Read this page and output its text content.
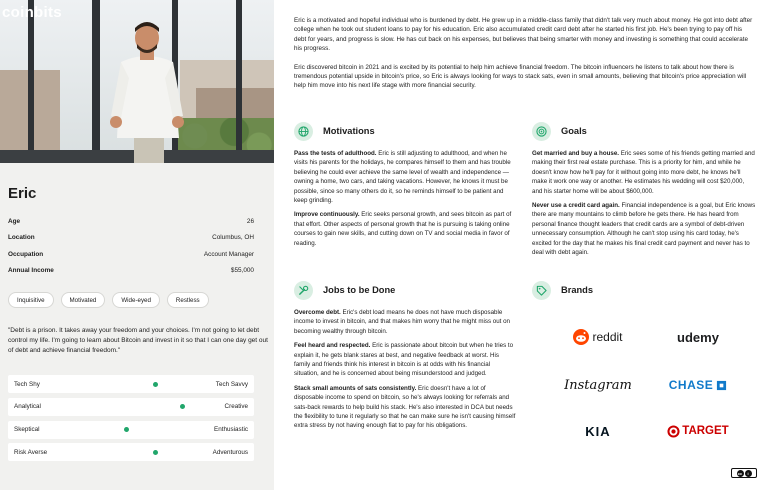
coinbits
Eric
Age	26
Location	Columbus, OH
Occupation	Account Manager
Annual Income	$55,000
Inquisitive	Motivated	Wide-eyed	Restless
"Debt is a prison. It takes away your freedom and your choices. I'm not going to let debt control my life. I'm going to learn about Bitcoin and invest in it so that I can one day get out of debt and achieve financial freedom."
Tech Shy	Tech Savvy
Analytical	Creative
Skeptical	Enthusiastic
Risk Averse	Adventurous

Eric is a motivated and hopeful individual who is burdened by debt. He grew up in a middle-class family that didn't talk very much about money. He got into debt after college when he took out student loans to pay for his education. Eric also accumulated credit card debt after he started his first job. He's been trying to pay off his debt for years, and progress is slow. He has cut back on his expenses, but believes that being smarter with money and investing is something that could accelerate his progress.

Eric discovered bitcoin in 2021 and is excited by its potential to help him achieve financial freedom. The bitcoin influencers he listens to talk about how there is tremendous potential upside in bitcoin's price, so Eric is always looking for ways to stack sats, even in small amounts, believing that bitcoin's price appreciation will help him move into his next life stage with more financial security.

Motivations

Pass the tests of adulthood. Eric is still adjusting to adulthood, and when he visits his parents for the holidays, he compares himself to them and has trouble believing he could ever achieve the same level of wealth and independence — owning a home, two cars, and taking vacations. However, he knows it must be possible, since so many others do it, so he reminds himself to be patient and keep grinding.

Improve continuously. Eric seeks personal growth, and sees bitcoin as part of that effort. Other aspects of personal growth that he is pursuing is taking online courses to gain new skills, and cutting down on TV and social media in favor of reading.

Goals

Get married and buy a house. Eric sees some of his friends getting married and making their first real estate purchase. This is a priority for him, and while he doesn't know how he'll pay for it without going into more debt, he knows he'll make it work one way or another. He estimates his wedding will cost $20,000, and his starter home will be about $600,000.

Never use a credit card again. Financial independence is a goal, but Eric knows there are many mountains to climb before he gets there. He has heard from personal finance thought leaders that credit cards are a symbol of debt-driven unnecessary consumption. Although he can't stop using his card today, he's excited for the day that he makes his final credit card payment and never has to deal with debt again.

Jobs to be Done

Overcome debt. Eric's debt load means he does not have much disposable income to invest in bitcoin, and that makes him worry that he might miss out on becoming wealthy through bitcoin.

Feel heard and respected. Eric is passionate about bitcoin but when he tries to explain it, he gets blank stares at best, and negative feedback at worst. His family and friends think his interest in bitcoin is at odds with his financial situation, and he is concerned about being misunderstood and judged.

Stack small amounts of sats consistently. Eric doesn't have a lot of disposable income to spend on bitcoin, so he's always looking for referrals and sats-back rewards to help build his stack. He's also interested in DCA but needs the flexibility to tune it regularly so that he can make sure he isn't causing himself extra stress by not having enough fiat to pay for his obligations.

Brands
reddit	udemy
Instagram	CHASE
KIA	TARGET
cc	i
